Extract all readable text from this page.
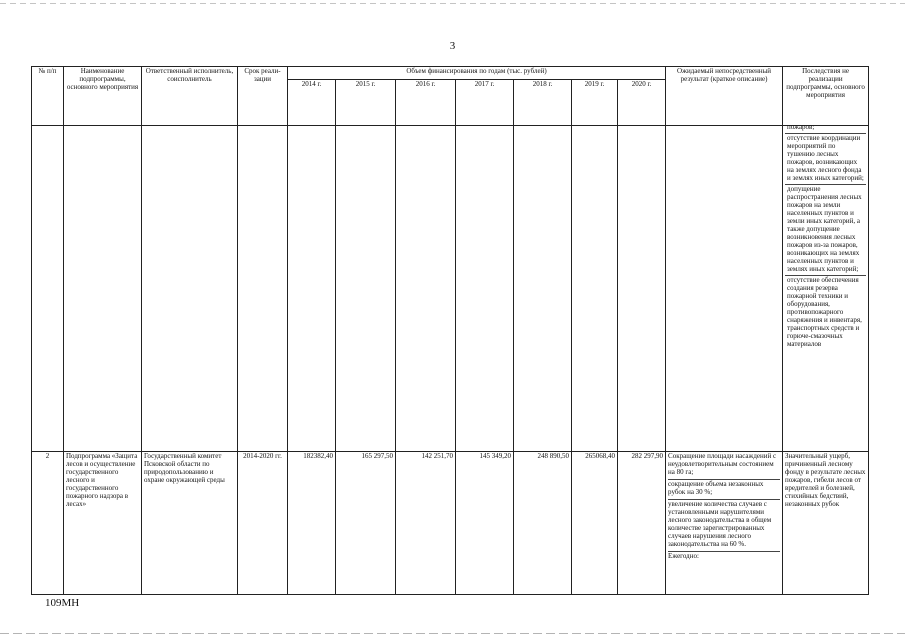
3
№ п/п	Наименование подпрограммы, основного мероприятия	Ответственный исполнитель, соисполнитель	Срок реали-зации	Объем финансирования по годам (тыс. рублей)							Ожидаемый непосредственный результат (краткое описание)	Последствия не реализации подпрограммы, основного мероприятия
				2014 г.	2015 г.	2016 г.	2017 г.	2018 г.	2019 г.	2020 г.		

												пожаров;

отсутствие координации мероприятий по тушению лесных пожаров, возникающих на землях лесного фонда и землях иных категорий;

допущение распространения лесных пожаров на земли населенных пунктов и земли иных категорий, а также допущение возникновения лесных пожаров из-за пожаров, возникающих на землях населенных пунктов и землях иных категорий;

отсутствие обеспечения создания резерва пожарной техники и оборудования, противопожарного снаряжения и инвентаря, транспортных средств и горюче-смазочных материалов

2	Подпрограмма «Защита лесов и осуществление государственного лесного и государственного пожарного надзора в лесах»	Государственный комитет Псковской области по природопользованию и охране окружающей среды	2014-2020 гг.	182382,40	165 297,50	142 251,70	145 349,20	248 890,50	265068,40	282 297,90	Сокращение площади насаждений с неудовлетворительным состоянием на 80 га;

сокращение объема незаконных рубок на 30 %;

увеличение количества случаев с установленными нарушителями лесного законодательства в общем количестве зарегистрированных случаев нарушения лесного законодательства на 60 %.

Ежегодно:	Значительный ущерб, причиненный лесному фонду в результате лесных пожаров, гибели лесов от вредителей и болезней, стихийных бедствий, незаконных рубок
109МН
